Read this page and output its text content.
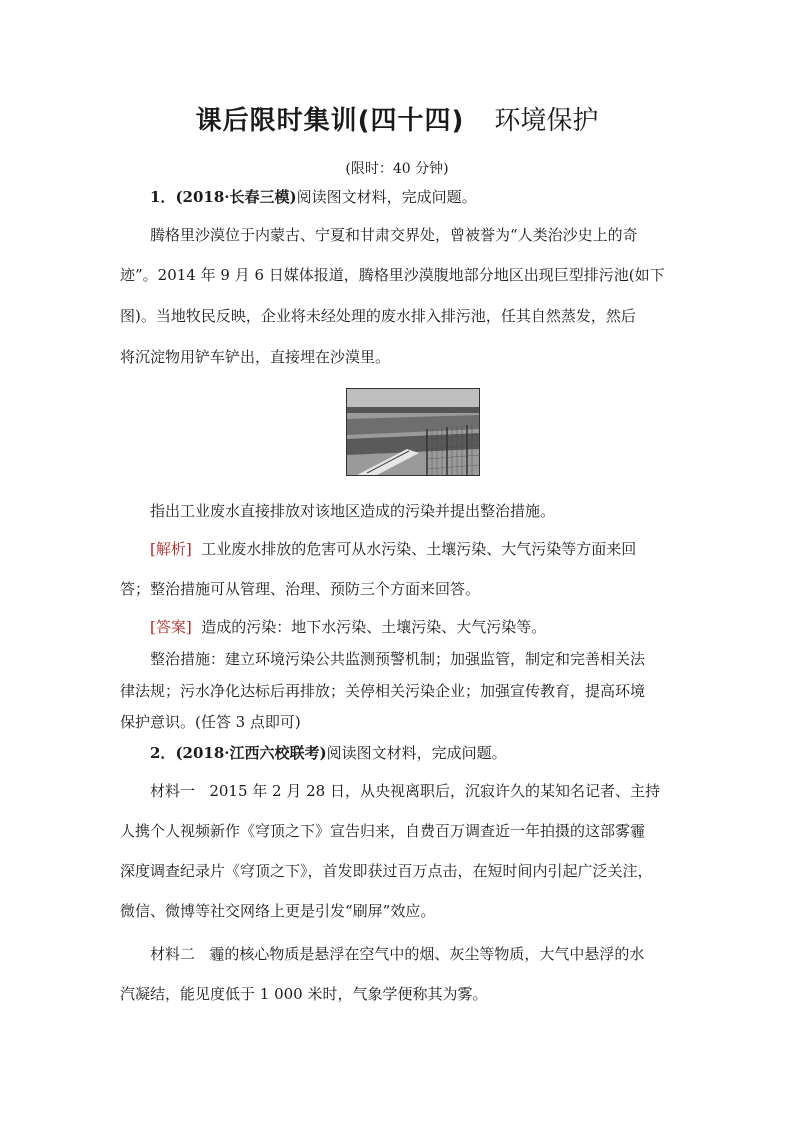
课后限时集训(四十四) 环境保护
(限时：40 分钟)
1．(2018·长春三模)阅读图文材料，完成问题。
腾格里沙漠位于内蒙古、宁夏和甘肃交界处，曾被誉为“人类治沙史上的奇
迹”。2014 年 9 月 6 日媒体报道，腾格里沙漠腹地部分地区出现巨型排污池(如下
图)。当地牧民反映，企业将未经处理的废水排入排污池，任其自然蒸发，然后
将沉淀物用铲车铲出，直接埋在沙漠里。
指出工业废水直接排放对该地区造成的污染并提出整治措施。
[解析] 工业废水排放的危害可从水污染、土壤污染、大气污染等方面来回
答；整治措施可从管理、治理、预防三个方面来回答。
[答案] 造成的污染：地下水污染、土壤污染、大气污染等。
整治措施：建立环境污染公共监测预警机制；加强监管，制定和完善相关法
律法规；污水净化达标后再排放；关停相关污染企业；加强宣传教育，提高环境
保护意识。(任答 3 点即可)
2．(2018·江西六校联考)阅读图文材料，完成问题。
材料一 2015 年 2 月 28 日，从央视离职后，沉寂许久的某知名记者、主持
人携个人视频新作《穹顶之下》宣告归来，自费百万调查近一年拍摄的这部雾霾
深度调查纪录片《穹顶之下》，首发即获过百万点击，在短时间内引起广泛关注，
微信、微博等社交网络上更是引发“刷屏”效应。
材料二 霾的核心物质是悬浮在空气中的烟、灰尘等物质，大气中悬浮的水
汽凝结，能见度低于 1 000 米时，气象学便称其为雾。
